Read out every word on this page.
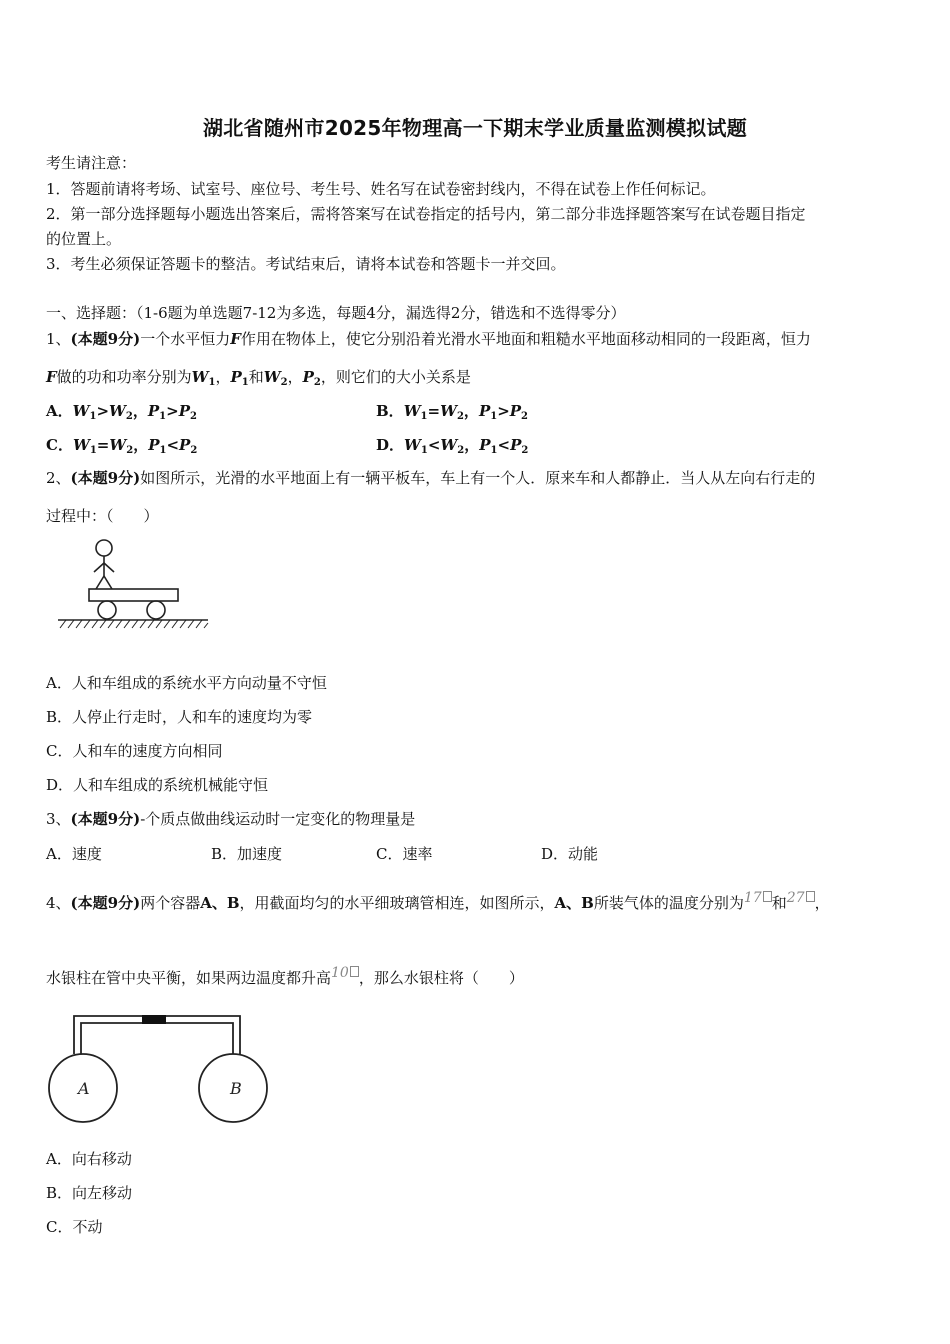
湖北省随州市2025年物理高一下期末学业质量监测模拟试题
考生请注意：
1．答题前请将考场、试室号、座位号、考生号、姓名写在试卷密封线内，不得在试卷上作任何标记。
2．第一部分选择题每小题选出答案后，需将答案写在试卷指定的括号内，第二部分非选择题答案写在试卷题目指定
的位置上。
3．考生必须保证答题卡的整洁。考试结束后，请将本试卷和答题卡一并交回。
一、选择题：（1-6题为单选题7-12为多选，每题4分，漏选得2分，错选和不选得零分）
1、(本题9分)一个水平恒力F作用在物体上，使它分别沿着光滑水平地面和粗糙水平地面移动相同的一段距离，恒力
F做的功和功率分别为$W_1$，$P_1$和$W_2$，$P_2$，则它们的大小关系是
A．$W_1>W_2$，$P_1>P_2$	B．$W_1=W_2$，$P_1>P_2$
C．$W_1=W_2$，$P_1<P_2$	D．$W_1<W_2$，$P_1<P_2$
2、(本题9分)如图所示，光滑的水平地面上有一辆平板车，车上有一个人．原来车和人都静止．当人从左向右行走的
过程中：（　　）
A．人和车组成的系统水平方向动量不守恒
B．人停止行走时，人和车的速度均为零
C．人和车的速度方向相同
D．人和车组成的系统机械能守恒
3、(本题9分)-个质点做曲线运动时一定变化的物理量是
A．速度	B．加速度	C．速率	D．动能
4、(本题9分)两个容器A、B，用截面均匀的水平细玻璃管相连，如图所示，A、B所装气体的温度分别为17 和27 ，
水银柱在管中央平衡，如果两边温度都升高10 ，那么水银柱将（　　）
A	B
A．向右移动
B．向左移动
C．不动
